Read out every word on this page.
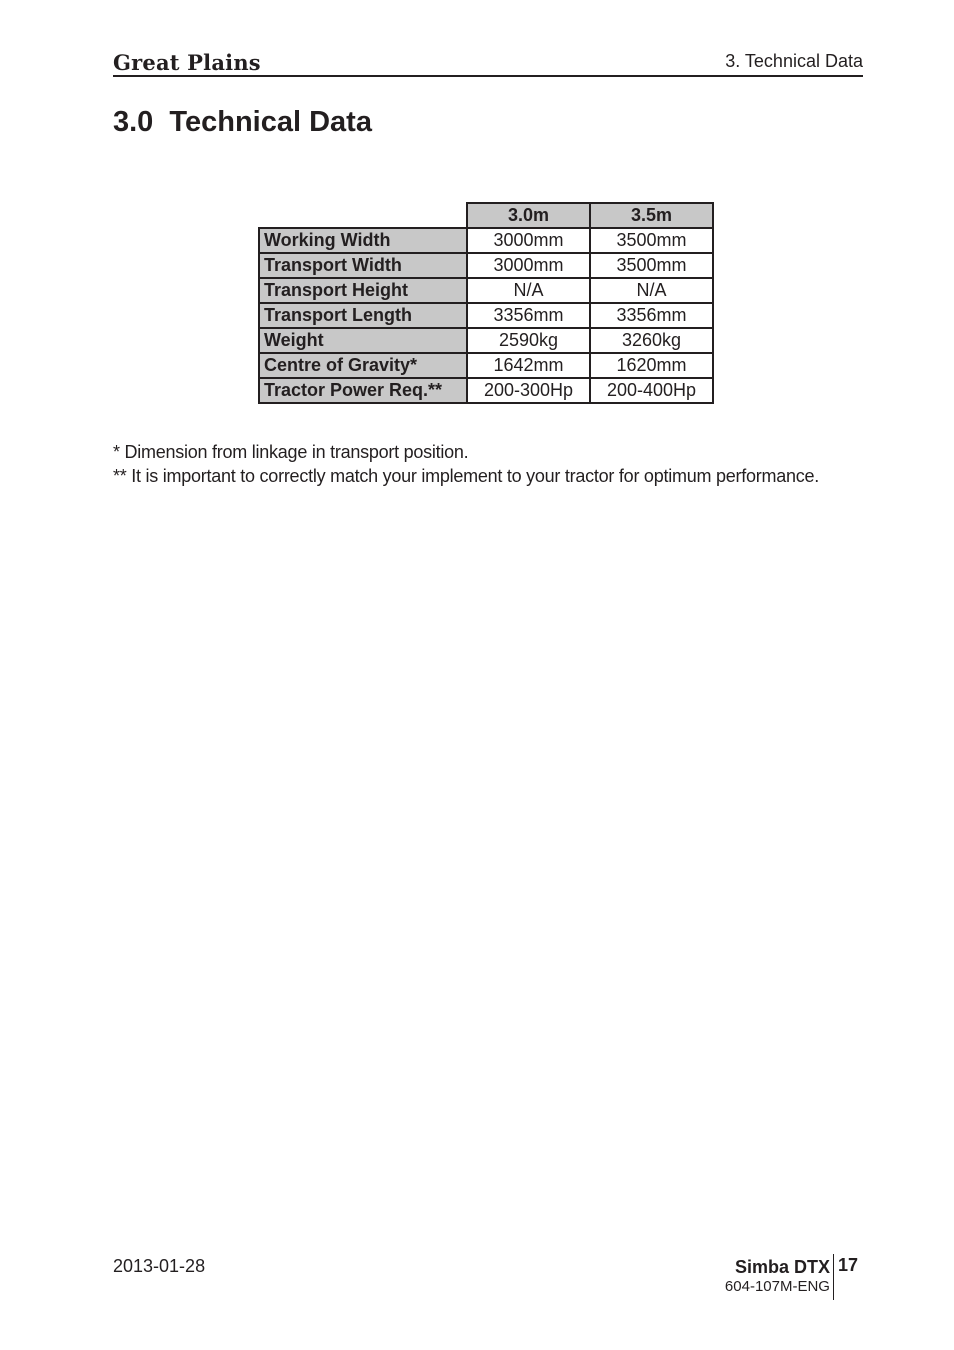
Great Plains	3. Technical Data
3.0  Technical Data
	3.0m	3.5m
Working Width	3000mm	3500mm
Transport Width	3000mm	3500mm
Transport Height	N/A	N/A
Transport Length	3356mm	3356mm
Weight	2590kg	3260kg
Centre of Gravity*	1642mm	1620mm
Tractor Power Req.**	200-300Hp	200-400Hp

* Dimension from linkage in transport position.

** It is important to correctly match your implement to your tractor for optimum performance.

2013-01-28	Simba DTX
604-107M-ENG
17
